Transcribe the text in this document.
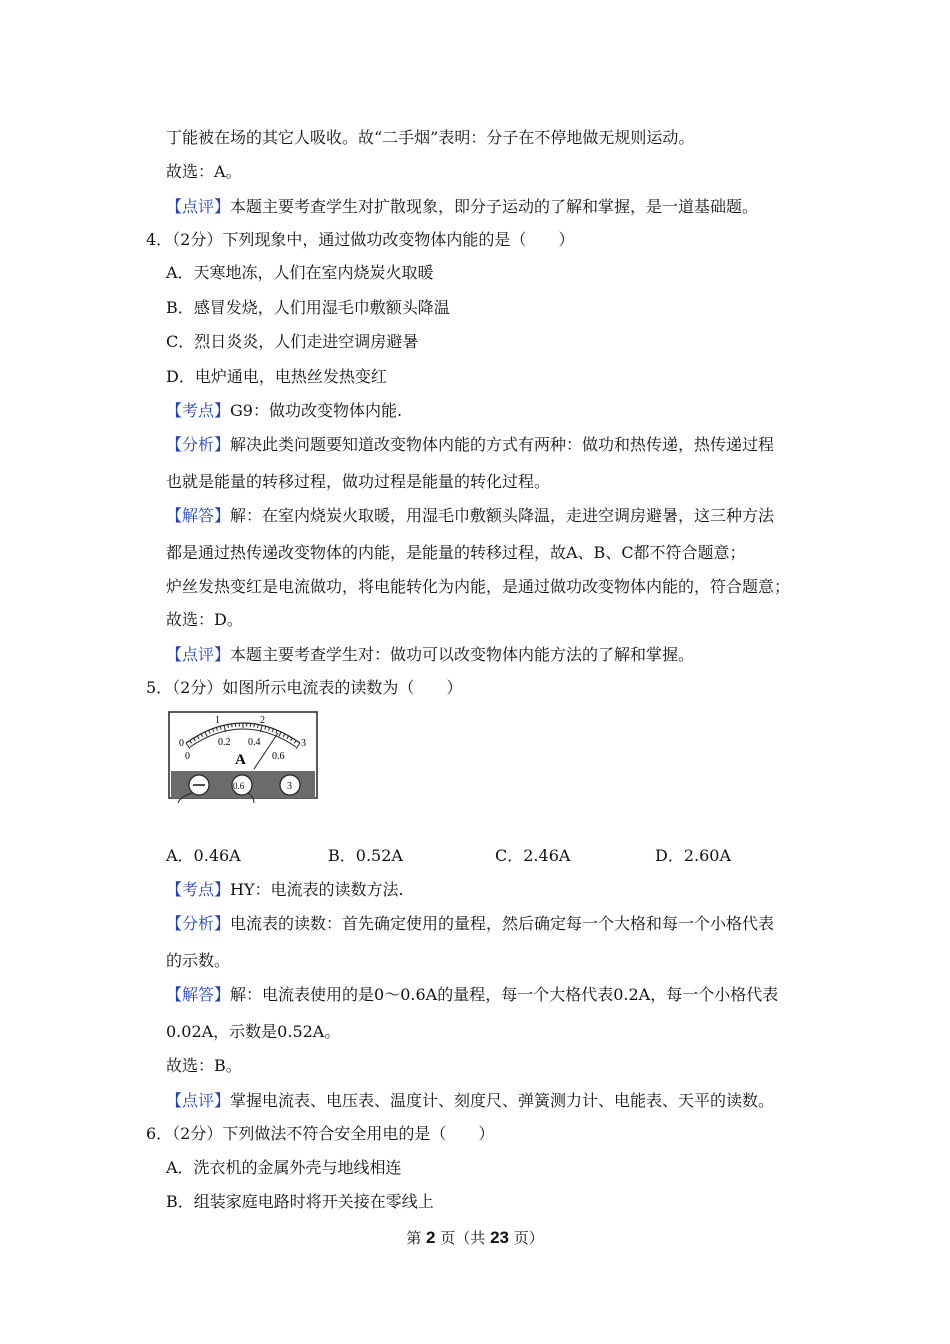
丁能被在场的其它人吸收。故“二手烟”表明：分子在不停地做无规则运动。
故选：A。
【点评】本题主要考查学生对扩散现象，即分子运动的了解和掌握，是一道基础题。
4．（2分）下列现象中，通过做功改变物体内能的是（　　）
A．天寒地冻，人们在室内烧炭火取暖
B．感冒发烧，人们用湿毛巾敷额头降温
C．烈日炎炎，人们走进空调房避暑
D．电炉通电，电热丝发热变红
【考点】G9：做功改变物体内能.
【分析】解决此类问题要知道改变物体内能的方式有两种：做功和热传递，热传递过程
也就是能量的转移过程，做功过程是能量的转化过程。
【解答】解：在室内烧炭火取暖，用湿毛巾敷额头降温，走进空调房避暑，这三种方法
都是通过热传递改变物体的内能，是能量的转移过程，故A、B、C都不符合题意；
炉丝发热变红是电流做功，将电能转化为内能，是通过做功改变物体内能的，符合题意；
故选：D。
【点评】本题主要考查学生对：做功可以改变物体内能方法的了解和掌握。
5．（2分）如图所示电流表的读数为（　　）
0
1	2
3
0
0.2 0.4
0.6
A
0.6	3
A．0.46A	B．0.52A	C．2.46A	D．2.60A
【考点】HY：电流表的读数方法.
【分析】电流表的读数：首先确定使用的量程，然后确定每一个大格和每一个小格代表
的示数。
【解答】解：电流表使用的是0～0.6A的量程，每一个大格代表0.2A，每一个小格代表
0.02A，示数是0.52A。
故选：B。
【点评】掌握电流表、电压表、温度计、刻度尺、弹簧测力计、电能表、天平的读数。
6．（2分）下列做法不符合安全用电的是（　　）
A．洗衣机的金属外壳与地线相连
B．组装家庭电路时将开关接在零线上
第 2 页（共 23 页）
